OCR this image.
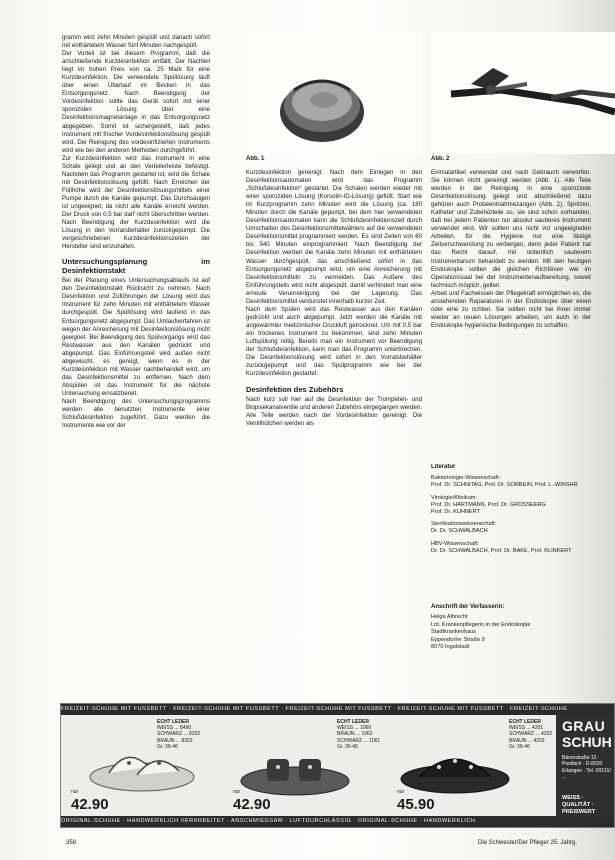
gramm wird zehn Minuten gespült und danach sofort mit enthärtetem Wasser fünf Minuten nachgespült.

Der Vorteil ist bei diesem Programm, daß die anschließende Kurzdesinfektion entfällt. Der Nachteil liegt im hohen Preis von ca. 25 Mark für eine Kurzdesinfektion. Die verwendete Spüllösung läuft über einen Überlauf im Becken in das Entsorgungsnetz. Nach Beendigung der Vordesinfektion sollte das Gerät sofort mit einer sporoziden Lösung über eine Desinfektionsmagnetanlage in das Entsorgungsnetz abgegeben. Somit ist sichergestellt, daß jedes Instrument mit frischer Vordesinfektionslösung gespült wird. Die Reinigung des vordesinfizierten Instruments wird wie bei den anderen Methoden durchgeführt.

Zur Kurzdesinfektion wird das Instrument in eine Schale gelegt und an den Verteilerleiste befestigt. Nachdem das Programm gestartet ist, wird die Schale mit Desinfektionslösung gefüllt. Nach Erreichen der Füllhöhe wird der Desinfektionslösungsmittels einer Pumpe durch die Kanäle gepumpt. Das Durchsaugen ist ungeeignet, da nicht alle Kanäle erreicht werden. Der Druck von 0,5 bar darf nicht überschritten werden. Nach Beendigung der Kurzdesinfektion wird die Lösung in den Vorratsbehälter zurückgepumpt. Die vorgeschriebenen Kurzdesinfektionszeiten der Hersteller sind einzuhalten.

Untersuchungsplanung im Desinfektionstakt

Bei der Planung eines Untersuchungsablaufs ist auf den Desinfektionstakt Rücksicht zu nehmen. Nach Desinfektion und Zuführungen der Lösung wird das Instrument für zehn Minuten mit enthärtetem Wasser durchgespült. Die Spüllösung wird laufend in das Entsorgungsnetz abgepumpt. Das Umlaufverfahren ist wegen der Anreicherung mit Desinfektionslösung nicht geeignet. Bei Beendigung des Spülvorgangs wird das Restwasser aus den Kanälen gedrückt und abgepumpt. Das Einführungsteil wird außen nicht abgewischt, es genügt, wenn es in der Kurzdesinfektion mit Wasser nachbehandelt wird, um das Desinfektionsmittel zu entfernen. Nach dem Abspülen ist das Instrument für die nächste Untersuchung einsatzbereit.

Nach Beendigung des Untersuchungsprogramms werden alle benutzten Instrumente einer Schlußdesinfektion zugeführt. Dazu werden die Instrumente wie vor der

Abb. 1	Abb. 2

Kurzdesinfektion gereinigt. Nach dem Einlegen in den Desinfektionsautomaten wird das Programm „Schlußdesinfektion“ gestartet. Die Schalen werden wieder mit einer sporoziden Lösung (Korsolin-ID-Lösung) gefüllt. Start wie im Kurzprogramm zehn Minuten wird die Lösung (ca. 180 Minuten durch die Kanäle gepumpt, bei dem hier verwendeten Desinfektionsautomaten kann die Schlußdesinfektionszeit durch Umschalten des Desinfektionsmittelwählers auf die verwendeten Desinfektionsmittel programmiert werden. Es sind Zeiten von 60 bis 540 Minuten einprogrammiert. Nach Beendigung der Desinfektion werden die Kanäle zehn Minuten mit enthärtetem Wasser durchgespült, das anschließend sofort in das Entsorgungsnetz abgepumpt wird, um eine Anreicherung mit Desinfektionsmitteln zu vermeiden. Das Außere des Einführungsteils wird nicht abgespült, damit verhindert man eine erneute Verunreinigung bei der Lagerung. Das Desinfektionsmittel verdunstet innerhalb kurzer Zeit.

Nach dem Spülen wird das Restwasser aus den Kanälen gedrückt und auch abgepumpt. Jetzt werden die Kanäle mit angewärmter medizinischer Druckluft getrocknet. Um mit 0,5 bar ein trockenes Instrument zu bekommen, sind zehn Minuten Luftspülung nötig. Bereits man ein Instrument vor Beendigung der Schlußdesinfektion, kann man das Programm unterbrechen. Die Desinfektionslösung wird sofort in den Vorratsbehälter zurückgepumpt und das Spülprogramm wie bei der Kurzdesinfektion gestartet.

Desinfektion des Zubehörs

Nach kurz soll hier auf die Desinfektion der Trompeten- und Biopsiekanalventile und anderen Zubehörs eingegangen werden. Alle Teile werden nach der Vordesinfektion gereinigt. Die Ventilhütchen werden als

Einmalartikel verwendet und nach Gebrauch verworfen. Sie können nicht gereinigt werden (Abb. 1). Alle Teile werden in der Reinigung in eine sporoziode Desinfektionslösung gelegt und abschließend dazu gehören auch Probeentnahmezangen (Abb. 2), Spritzen, Katheter und Zubehörteile so, sie sind schon vorhanden, daß bei jedem Patienten nur absolut sauberes Instrument verwendet wird. Wir sollten uns nicht vor ungeeigneten Arbeiten, für die Hygiene nur eine lästige Zeitverschwendung zu verbergen, denn jeder Patient hat das Recht darauf, mit ordentlich sauberem Instrumentarium behandelt zu werden. Mit den heutigen Endoskopie sollten die gleichen Richtlinien wie im Operationssaal bei der Instrumentenaufbereitung, soweit technisch möglich, gelten.

Arbeit und Fachwissen der Pflegekraft ermöglichen es, die anstehenden Reparaturen in der Endoskopie über einen oder eine zu richten. Sie sollten nicht bei ihren immer wieder an neuen Lösungen arbeiten, um auch in der Endoskopie hygienische Bedingungen zu schaffen.

Literatur
Bakteriologie-Wissenschaft:
Prof. Dr. SCHNITAG, Prof. Dr. SORBEIN, Prof. L.-WINSHR
Virologie/Klinikum:
Prof. Dr. HARTMANN, Prof. Dr. GROSSEERG
Prof. Dr. KUHNERT
Sterilisationswissenschaft:
Dr. Dr. SCHWALBACH
HBV-Wissenschaft:
Dr. Dr. SCHWALBACH, Prof. Dr. BAKE, Prof. KLINKERT
Anschrift der Verfasserin:
Helga Albrecht
Ltd. Krankenpflegerin in der Endoskopie
Stadtkrankenhaus
Eppendorfer Straße 9
8070 Ingolstadt
FREIZEIT-SCHUHE MIT FUSSBETT · FREIZEIT-SCHUHE MIT FUSSBETT · FREIZEIT-SCHUHE MIT FUSSBETT · FREIZEIT-SCHUHE MIT FUSSBETT · FREIZEIT-SCHUHE
ECHT LEDER
WEISS ... 8490
SCHWARZ ... 8202
BRAUN ... 8303
Gr. 36-46
nur
42.90
ECHT LEDER
WEISS ... 1060
BRAUN ... 1062
SCHWARZ ... 1061
Gr. 36-46
nur
42.90
ECHT LEDER
WEISS ... 4201
SCHWARZ ... 4202
BRAUN ... 4203
Gr. 36-46
nur
45.90
GRAU
SCHUH
Bärenstraße 12 · Postfach · D-8520 Erlangen · Tel. 09131/ ...
WEISS · QUALITÄT · PREISWERT
ORIGINAL-SCHUHE · HANDWERKLICH VERARBEITET · ANSCHMIEGSAM · LUFTDURCHLÄSSIG · ORIGINAL-SCHUHE · HANDWERKLICH
358	Die Schwester/Der Pfleger 25. Jahrg.
